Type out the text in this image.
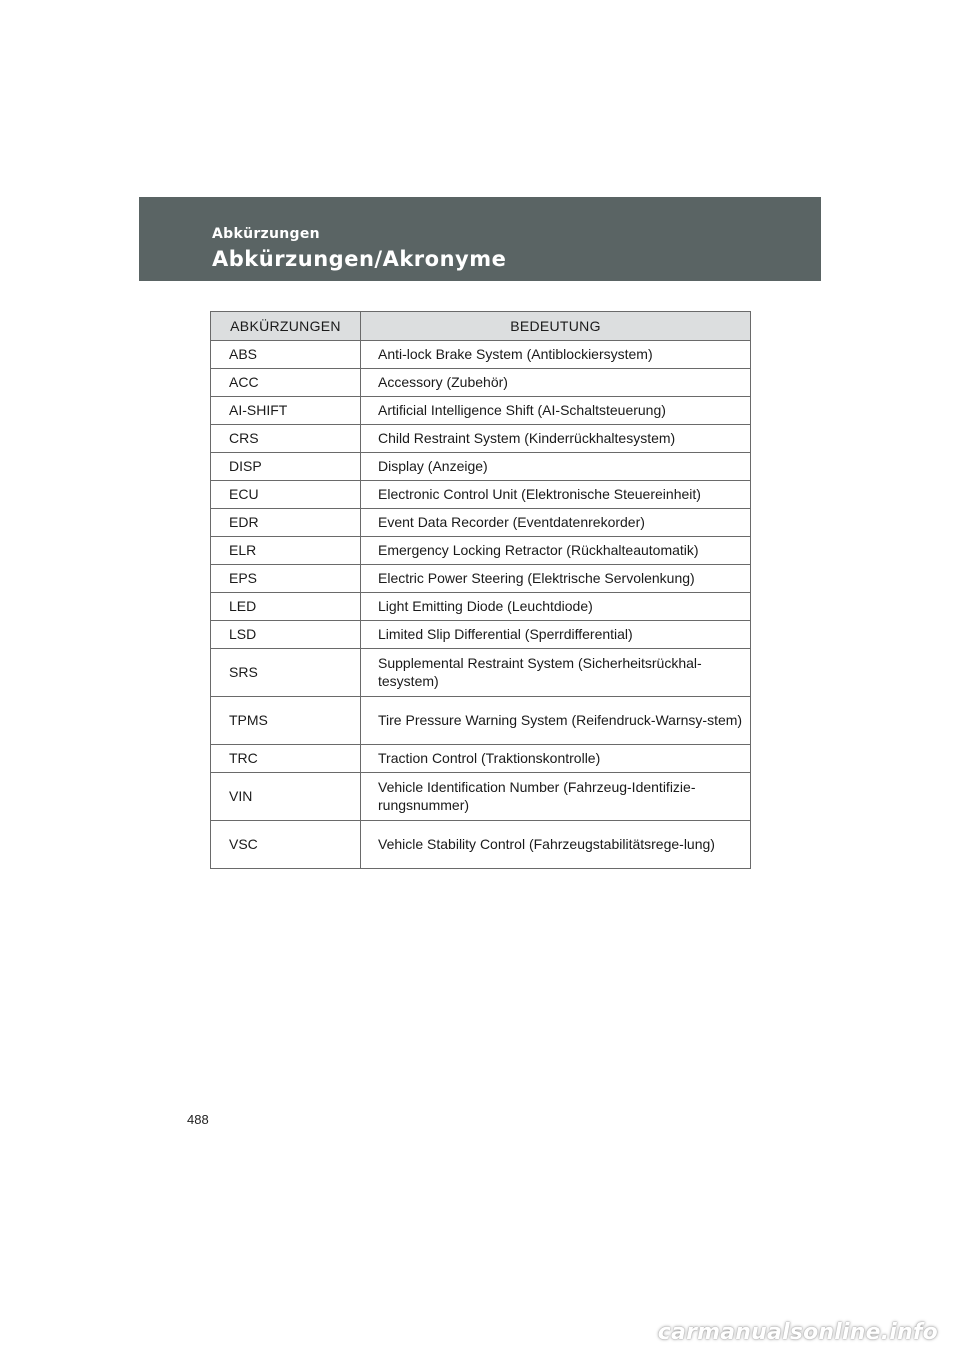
Abkürzungen
Abkürzungen/Akronyme
ABKÜRZUNGEN	BEDEUTUNG
ABS	Anti-lock Brake System (Antiblockiersystem)
ACC	Accessory (Zubehör)
AI-SHIFT	Artificial Intelligence Shift (AI-Schaltsteuerung)
CRS	Child Restraint System (Kinderrückhaltesystem)
DISP	Display (Anzeige)
ECU	Electronic Control Unit (Elektronische Steuereinheit)
EDR	Event Data Recorder (Eventdatenrekorder)
ELR	Emergency Locking Retractor (Rückhalteautomatik)
EPS	Electric Power Steering (Elektrische Servolenkung)
LED	Light Emitting Diode (Leuchtdiode)
LSD	Limited Slip Differential (Sperrdifferential)
SRS	Supplemental Restraint System (Sicherheitsrückhal-tesystem)
TPMS	Tire Pressure Warning System (Reifendruck-Warnsy-stem)
TRC	Traction Control (Traktionskontrolle)
VIN	Vehicle Identification Number (Fahrzeug-Identifizie-rungsnummer)
VSC	Vehicle Stability Control (Fahrzeugstabilitätsrege-lung)
488
carmanualsonline.info
